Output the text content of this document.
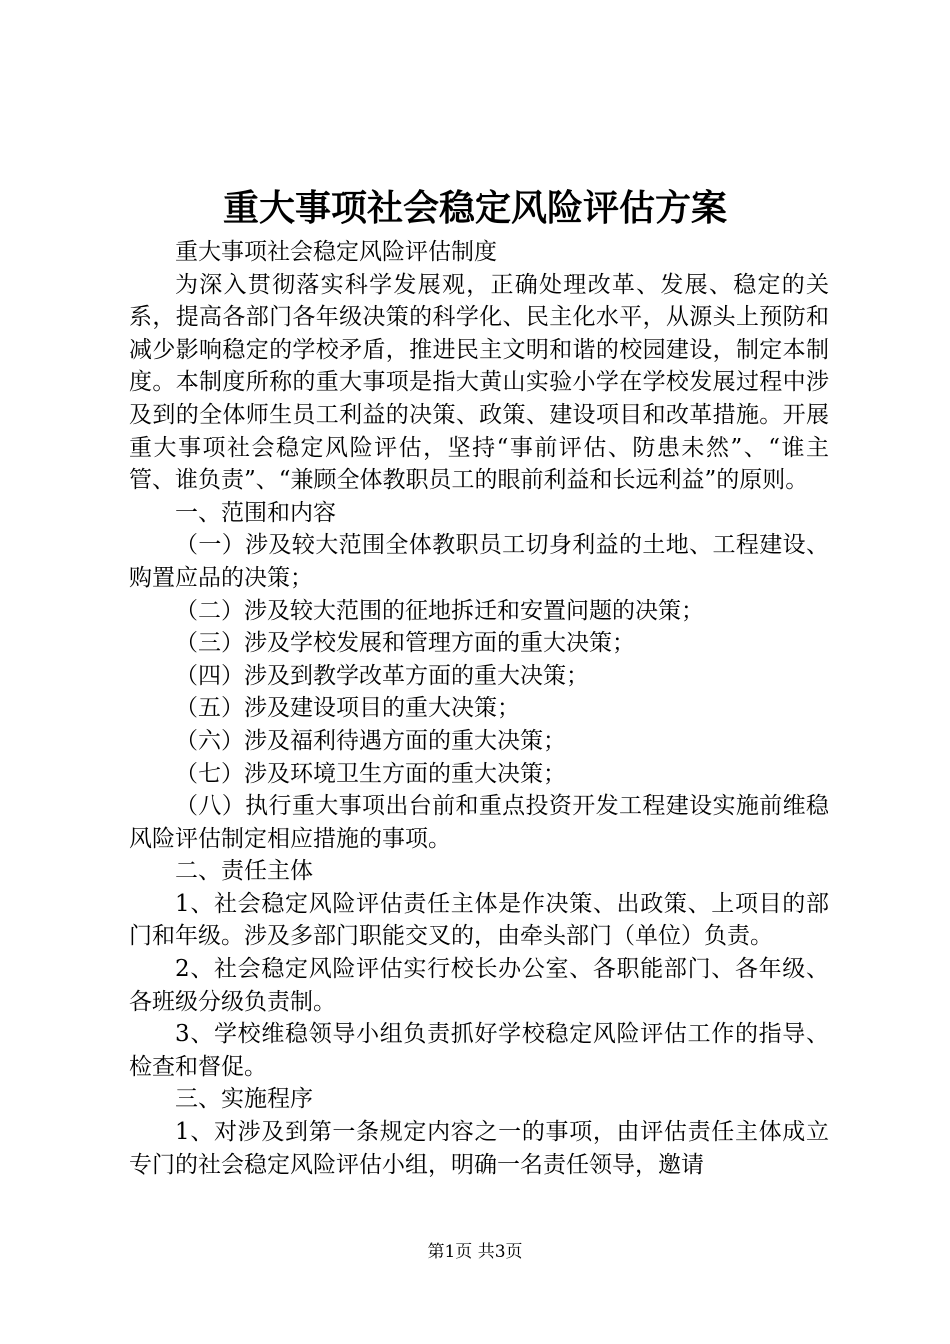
重大事项社会稳定风险评估方案

重大事项社会稳定风险评估制度

为深入贯彻落实科学发展观，正确处理改革、发展、稳定的关系，提高各部门各年级决策的科学化、民主化水平，从源头上预防和减少影响稳定的学校矛盾，推进民主文明和谐的校园建设，制定本制度。本制度所称的重大事项是指大黄山实验小学在学校发展过程中涉及到的全体师生员工利益的决策、政策、建设项目和改革措施。开展重大事项社会稳定风险评估，坚持“事前评估、防患未然”、“谁主管、谁负责”、“兼顾全体教职员工的眼前利益和长远利益”的原则。

一、范围和内容

（一）涉及较大范围全体教职员工切身利益的土地、工程建设、购置应品的决策；

（二）涉及较大范围的征地拆迁和安置问题的决策；

（三）涉及学校发展和管理方面的重大决策；

（四）涉及到教学改革方面的重大决策；

（五）涉及建设项目的重大决策；

（六）涉及福利待遇方面的重大决策；

（七）涉及环境卫生方面的重大决策；

（八）执行重大事项出台前和重点投资开发工程建设实施前维稳风险评估制定相应措施的事项。

二、责任主体

1、社会稳定风险评估责任主体是作决策、出政策、上项目的部门和年级。涉及多部门职能交叉的，由牵头部门（单位）负责。

2、社会稳定风险评估实行校长办公室、各职能部门、各年级、各班级分级负责制。

3、学校维稳领导小组负责抓好学校稳定风险评估工作的指导、检查和督促。

三、实施程序

1、对涉及到第一条规定内容之一的事项，由评估责任主体成立专门的社会稳定风险评估小组，明确一名责任领导，邀请

第1页 共3页
